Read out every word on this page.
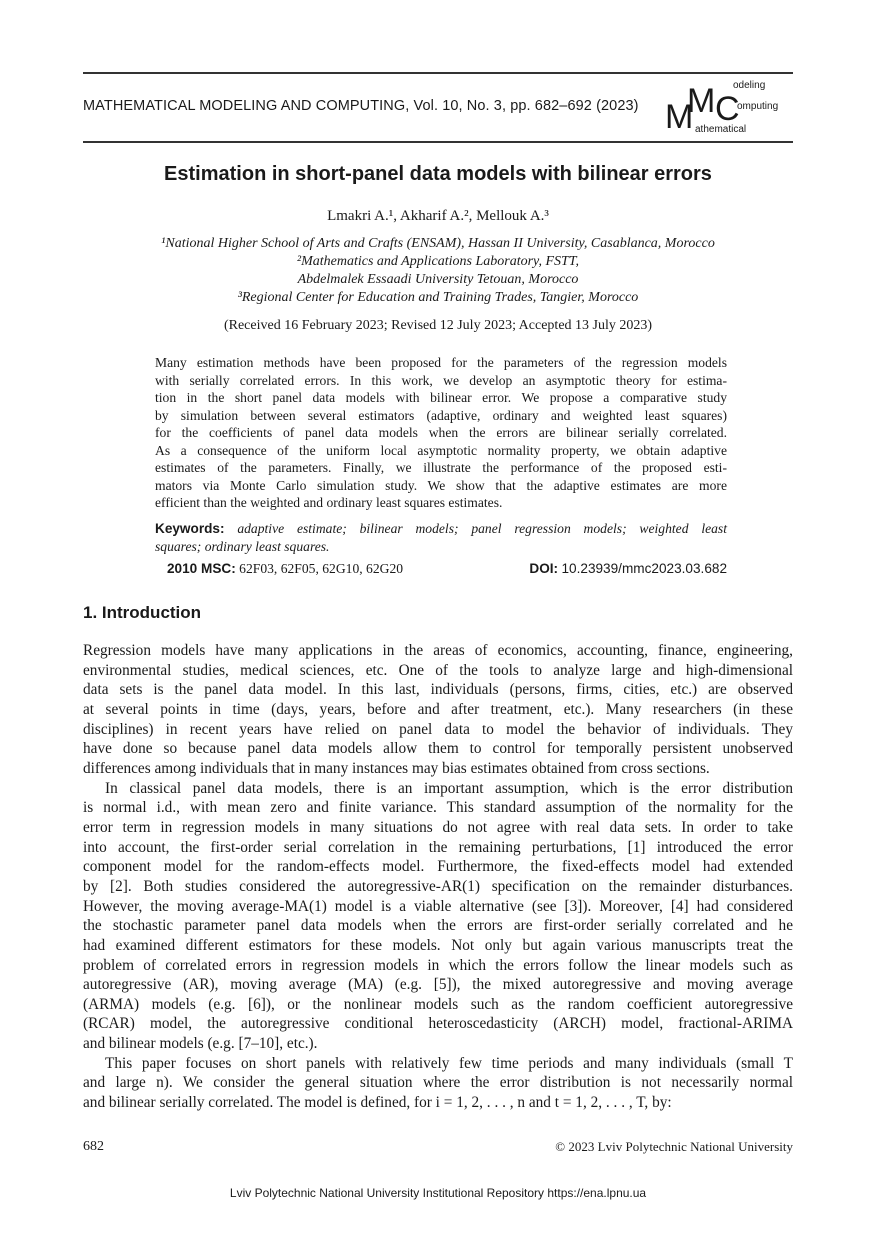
MATHEMATICAL MODELING AND COMPUTING, Vol. 10, No. 3, pp. 682–692 (2023) M
M C
odeling
omputing
athematical
Estimation in short-panel data models with bilinear errors
Lmakri A.¹, Akharif A.², Mellouk A.³
¹National Higher School of Arts and Crafts (ENSAM), Hassan II University, Casablanca, Morocco
²Mathematics and Applications Laboratory, FSTT,
Abdelmalek Essaadi University Tetouan, Morocco
³Regional Center for Education and Training Trades, Tangier, Morocco
(Received 16 February 2023; Revised 12 July 2023; Accepted 13 July 2023)
Many estimation methods have been proposed for the parameters of the regression models
with serially correlated errors. In this work, we develop an asymptotic theory for estima-
tion in the short panel data models with bilinear error. We propose a comparative study
by simulation between several estimators (adaptive, ordinary and weighted least squares)
for the coefficients of panel data models when the errors are bilinear serially correlated.
As a consequence of the uniform local asymptotic normality property, we obtain adaptive
estimates of the parameters. Finally, we illustrate the performance of the proposed esti-
mators via Monte Carlo simulation study. We show that the adaptive estimates are more
efficient than the weighted and ordinary least squares estimates.
Keywords: adaptive estimate; bilinear models; panel regression models; weighted least
squares; ordinary least squares.
2010 MSC: 62F03, 62F05, 62G10, 62G20	DOI: 10.23939/mmc2023.03.682
1. Introduction
Regression models have many applications in the areas of economics, accounting, finance, engineering,
environmental studies, medical sciences, etc. One of the tools to analyze large and high-dimensional
data sets is the panel data model. In this last, individuals (persons, firms, cities, etc.) are observed
at several points in time (days, years, before and after treatment, etc.). Many researchers (in these
disciplines) in recent years have relied on panel data to model the behavior of individuals. They
have done so because panel data models allow them to control for temporally persistent unobserved
differences among individuals that in many instances may bias estimates obtained from cross sections.
In classical panel data models, there is an important assumption, which is the error distribution
is normal i.d., with mean zero and finite variance. This standard assumption of the normality for the
error term in regression models in many situations do not agree with real data sets. In order to take
into account, the first-order serial correlation in the remaining perturbations, [1] introduced the error
component model for the random-effects model. Furthermore, the fixed-effects model had extended
by [2]. Both studies considered the autoregressive-AR(1) specification on the remainder disturbances.
However, the moving average-MA(1) model is a viable alternative (see [3]). Moreover, [4] had considered
the stochastic parameter panel data models when the errors are first-order serially correlated and he
had examined different estimators for these models. Not only but again various manuscripts treat the
problem of correlated errors in regression models in which the errors follow the linear models such as
autoregressive (AR), moving average (MA) (e.g. [5]), the mixed autoregressive and moving average
(ARMA) models (e.g. [6]), or the nonlinear models such as the random coefficient autoregressive
(RCAR) model, the autoregressive conditional heteroscedasticity (ARCH) model, fractional-ARIMA
and bilinear models (e.g. [7–10], etc.).
This paper focuses on short panels with relatively few time periods and many individuals (small T
and large n). We consider the general situation where the error distribution is not necessarily normal
and bilinear serially correlated. The model is defined, for i = 1, 2, . . . , n and t = 1, 2, . . . , T, by:
682	© 2023 Lviv Polytechnic National University
Lviv Polytechnic National University Institutional Repository https://ena.lpnu.ua
